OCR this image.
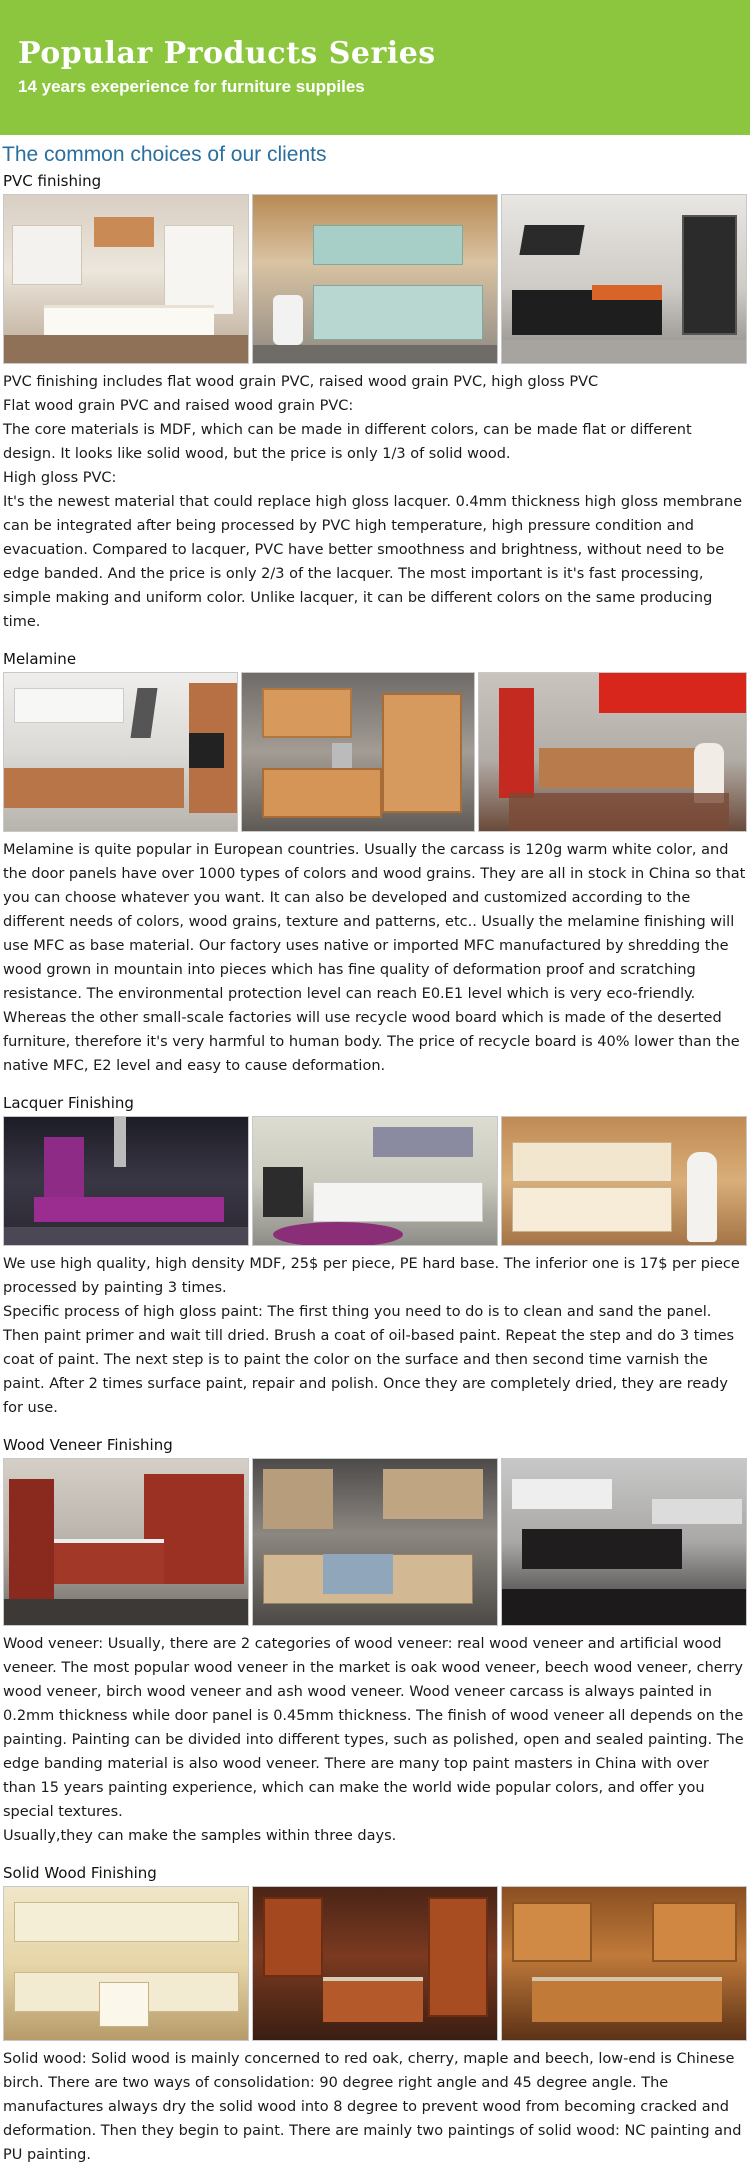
Popular Products Series
14 years exeperience for furniture suppiles
The common choices of our clients
PVC finishing

PVC finishing includes flat wood grain PVC, raised wood grain PVC, high gloss PVC

Flat wood grain PVC and raised wood grain PVC:

The core materials is MDF, which can be made in different colors, can be made flat or different design. It looks like solid wood, but the price is only 1/3 of solid wood.

High gloss PVC:

It's the newest material that could replace high gloss lacquer. 0.4mm thickness high gloss membrane can be integrated after being processed by PVC high temperature, high pressure condition and evacuation. Compared to lacquer, PVC have better smoothness and brightness, without need to be edge banded. And the price is only 2/3 of the lacquer. The most important is it's fast processing, simple making and uniform color. Unlike lacquer, it can be different colors on the same producing time.

Melamine

Melamine is quite popular in European countries. Usually the carcass is 120g warm white color, and the door panels have over 1000 types of colors and wood grains. They are all in stock in China so that you can choose whatever you want. It can also be developed and customized according to the different needs of colors, wood grains, texture and patterns, etc.. Usually the melamine finishing will use MFC as base material. Our factory uses native or imported MFC manufactured by shredding the wood grown in mountain into pieces which has fine quality of deformation proof and scratching resistance. The environmental protection level can reach E0.E1 level which is very eco-friendly.

Whereas the other small-scale factories will use recycle wood board which is made of the deserted furniture, therefore it's very harmful to human body. The price of recycle board is 40% lower than the native MFC, E2 level and easy to cause deformation.

Lacquer Finishing

We use high quality, high density MDF, 25$ per piece, PE hard base. The inferior one is 17$ per piece processed by painting 3 times.

Specific process of high gloss paint: The first thing you need to do is to clean and sand the panel. Then paint primer and wait till dried. Brush a coat of oil-based paint. Repeat the step and do 3 times coat of paint. The next step is to paint the color on the surface and then second time varnish the paint. After 2 times surface paint, repair and polish. Once they are completely dried, they are ready for use.

Wood Veneer Finishing

Wood veneer: Usually, there are 2 categories of wood veneer: real wood veneer and artificial wood veneer. The most popular wood veneer in the market is oak wood veneer, beech wood veneer, cherry wood veneer, birch wood veneer and ash wood veneer. Wood veneer carcass is always painted in 0.2mm thickness while door panel is 0.45mm thickness. The finish of wood veneer all depends on the painting. Painting can be divided into different types, such as polished, open and sealed painting. The edge banding material is also wood veneer. There are many top paint masters in China with over than 15 years painting experience, which can make the world wide popular colors, and offer you special textures.

Usually,they can make the samples within three days.

Solid Wood Finishing

Solid wood: Solid wood is mainly concerned to red oak, cherry, maple and beech, low-end is Chinese birch. There are two ways of consolidation: 90 degree right angle and 45 degree angle. The manufactures always dry the solid wood into 8 degree to prevent wood from becoming cracked and deformation. Then they begin to paint. There are mainly two paintings of solid wood: NC painting and PU painting.
